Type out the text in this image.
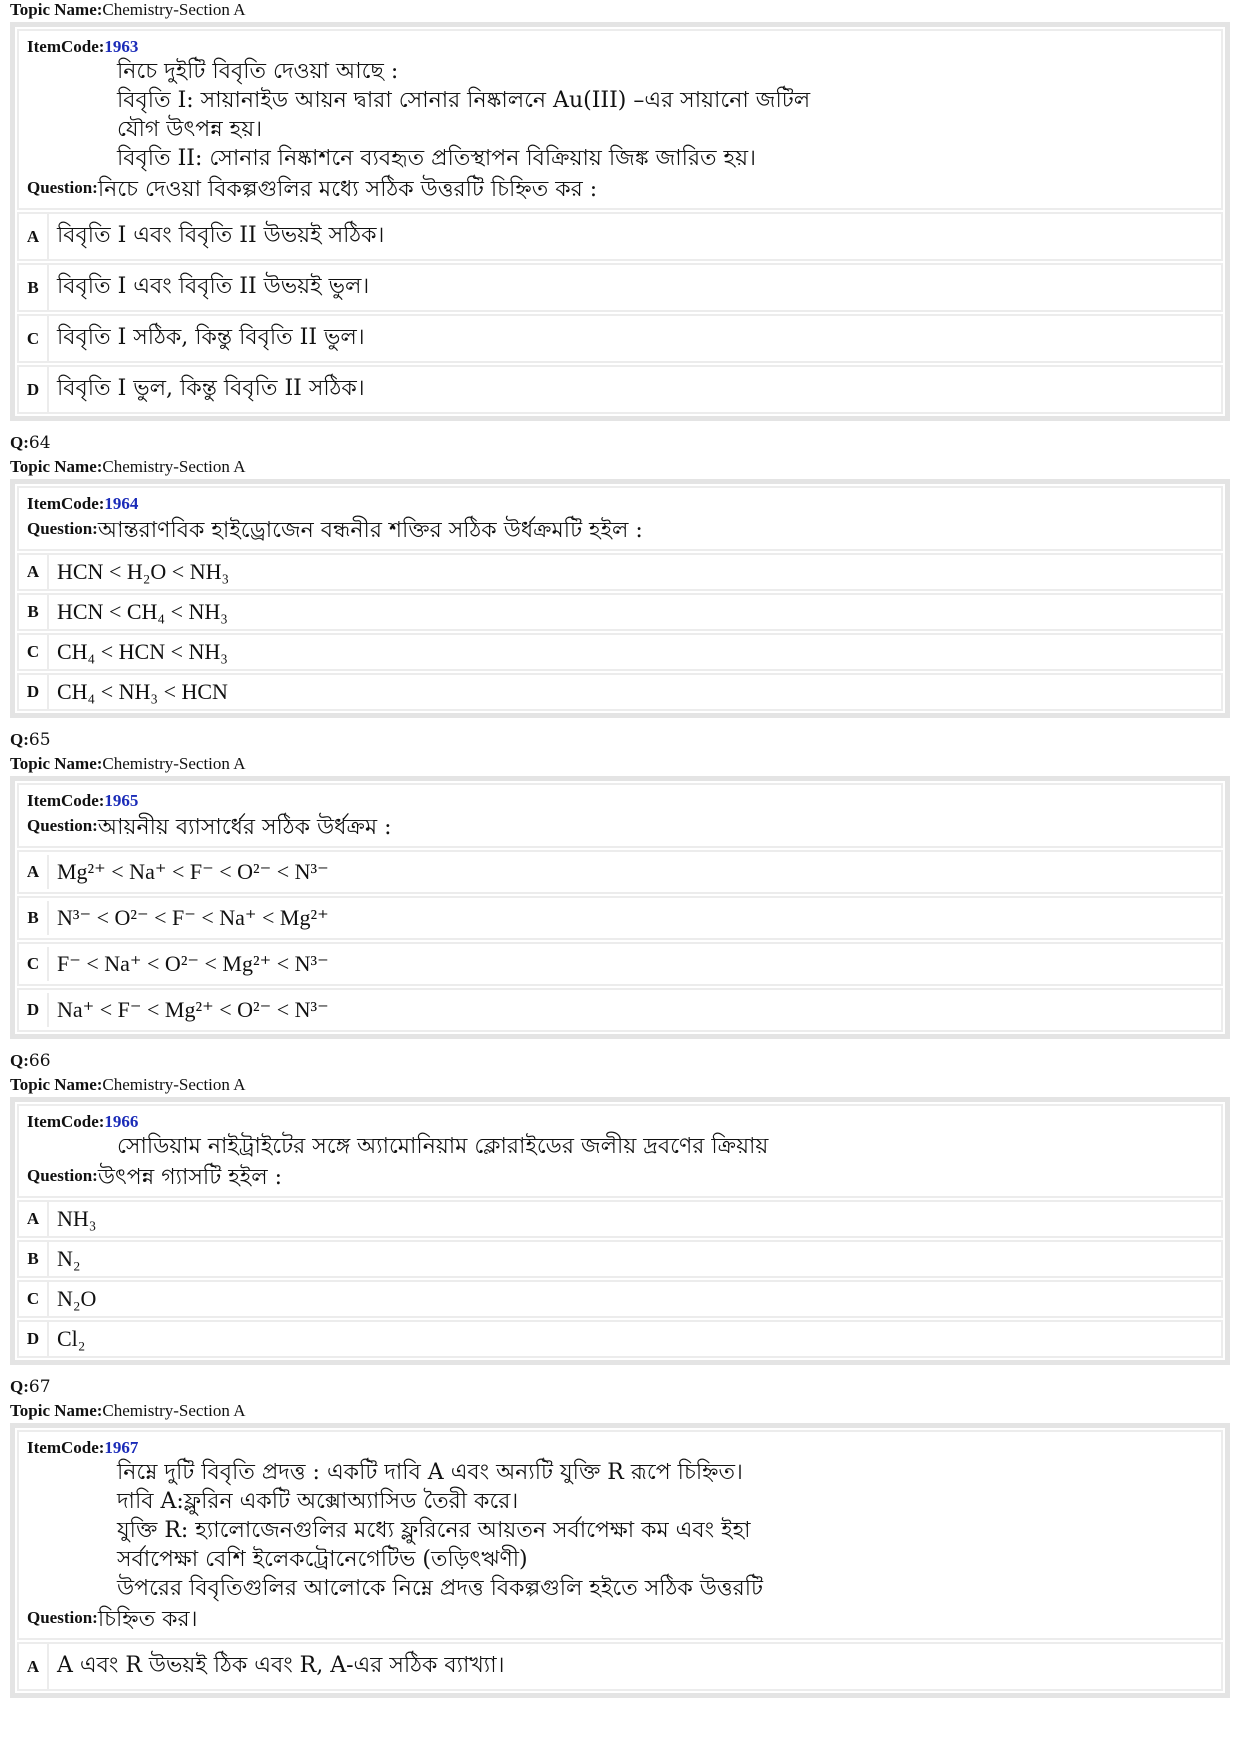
Topic Name:Chemistry-Section A
ItemCode:1963
নিচে দুইটি বিবৃতি দেওয়া আছে :
বিবৃতি I: সায়ানাইড আয়ন দ্বারা সোনার নিষ্কালনে Au(III) –এর সায়ানো জটিল
যৌগ উৎপন্ন হয়।
বিবৃতি II: সোনার নিষ্কাশনে ব্যবহৃত প্রতিস্থাপন বিক্রিয়ায় জিঙ্ক জারিত হয়।
Question: নিচে দেওয়া বিকল্পগুলির মধ্যে সঠিক উত্তরটি চিহ্নিত কর :
A বিবৃতি I এবং বিবৃতি II উভয়ই সঠিক।
B বিবৃতি I এবং বিবৃতি II উভয়ই ভুল।
C বিবৃতি I সঠিক, কিন্তু বিবৃতি II ভুল।
D বিবৃতি I ভুল, কিন্তু বিবৃতি II সঠিক।
Q:64
Topic Name:Chemistry-Section A
ItemCode:1964
Question: আন্তরাণবিক হাইড্রোজেন বন্ধনীর শক্তির সঠিক উর্ধক্রমটি হইল :
A HCN < H₂O < NH₃
B HCN < CH₄ < NH₃
C CH₄ < HCN < NH₃
D CH₄ < NH₃ < HCN
Q:65
Topic Name:Chemistry-Section A
ItemCode:1965
Question: আয়নীয় ব্যাসার্ধের সঠিক উর্ধক্রম :
A Mg²⁺ < Na⁺ < F⁻ < O²⁻ < N³⁻
B N³⁻ < O²⁻ < F⁻ < Na⁺ < Mg²⁺
C F⁻ < Na⁺ < O²⁻ < Mg²⁺ < N³⁻
D Na⁺ < F⁻ < Mg²⁺ < O²⁻ < N³⁻
Q:66
Topic Name:Chemistry-Section A
ItemCode:1966
সোডিয়াম নাইট্রাইটের সঙ্গে অ্যামোনিয়াম ক্লোরাইডের জলীয় দ্রবণের ক্রিয়ায়
Question: উৎপন্ন গ্যাসটি হইল :
A NH₃
B N₂
C N₂O
D Cl₂
Q:67
Topic Name:Chemistry-Section A
ItemCode:1967
নিম্নে দুটি বিবৃতি প্রদত্ত : একটি দাবি A এবং অন্যটি যুক্তি R রূপে চিহ্নিত।
দাবি A:ফ্লুরিন একটি অক্সোঅ্যাসিড তৈরী করে।
যুক্তি R: হ্যালোজেনগুলির মধ্যে ফ্লুরিনের আয়তন সর্বাপেক্ষা কম এবং ইহা
সর্বাপেক্ষা বেশি ইলেকট্রোনেগেটিভ (তড়িৎঋণী)
উপরের বিবৃতিগুলির আলোকে নিম্নে প্রদত্ত বিকল্পগুলি হইতে সঠিক উত্তরটি
Question: চিহ্নিত কর।
A A এবং R উভয়ই ঠিক এবং R, A-এর সঠিক ব্যাখ্যা।
